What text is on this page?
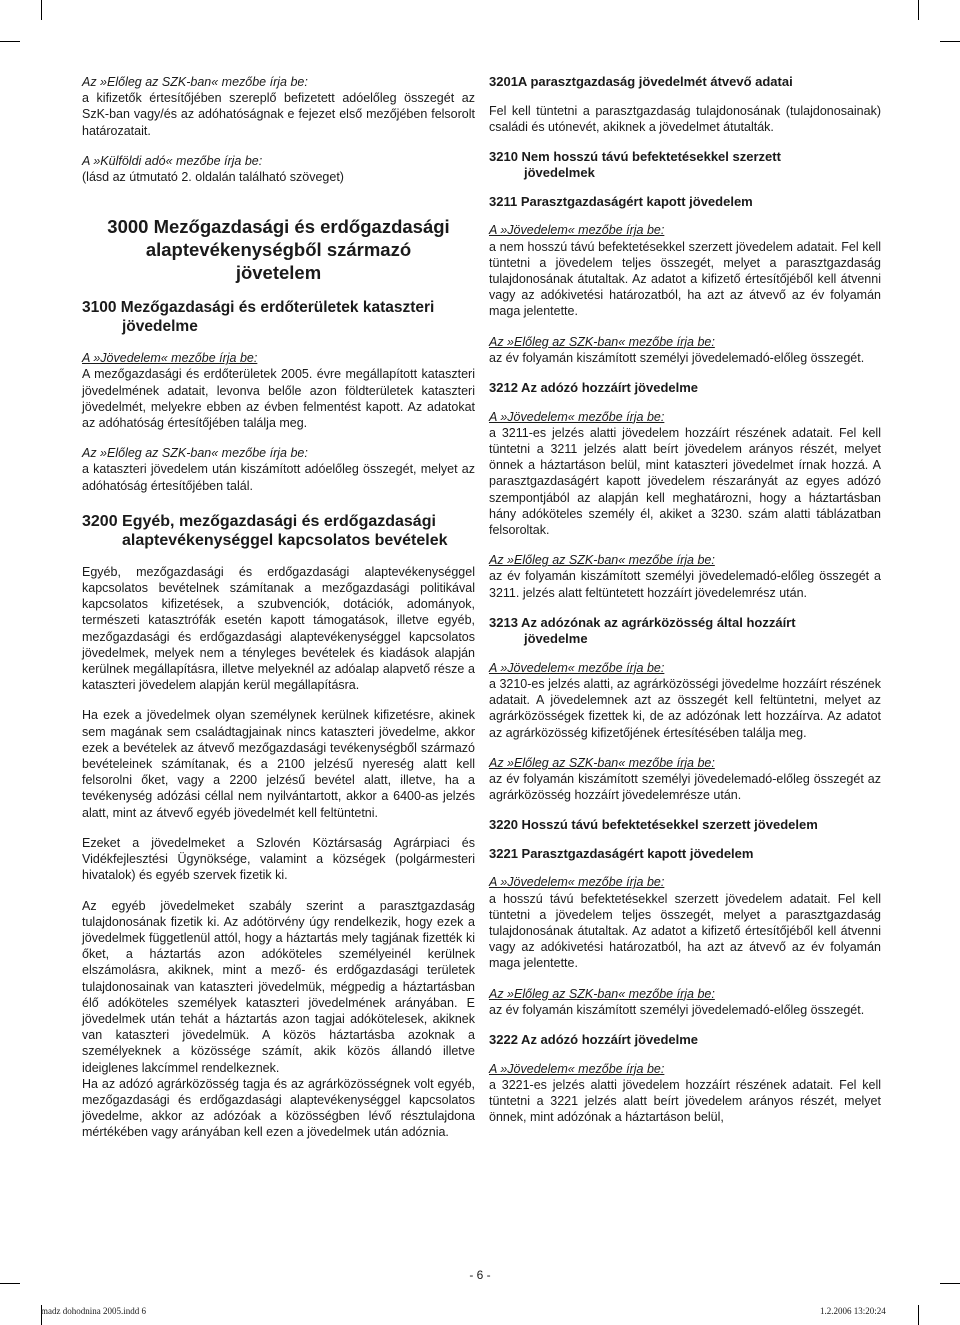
Az »Előleg az SZK-ban« mezőbe írja be:
a kifizetők értesítőjében szereplő befizetett adóelőleg összegét az SzK-ban vagy/és az adóhatóságnak e fejezet első mezőjében felsorolt határozatait.

A »Külföldi adó« mezőbe írja be:
(lásd az útmutató 2. oldalán található szöveget)

3000 Mezőgazdasági és erdőgazdasági
alaptevékenységből származó
jövetelem
3100 Mezőgazdasági és erdőterületek kataszteri
jövedelme

A »Jövedelem« mezőbe írja be:
A mezőgazdasági és erdőterületek 2005. évre megállapított kataszteri jövedelmének adatait, levonva belőle azon földterületek kataszteri jövedelmét, melyekre ebben az évben felmentést kapott. Az adatokat az adóhatóság értesítőjében találja meg.

Az »Előleg az SZK-ban« mezőbe írja be:
a kataszteri jövedelem után kiszámított adóelőleg összegét, melyet az adóhatóság értesítőjében talál.

3200 Egyéb, mezőgazdasági és erdőgazdasági
alaptevékenységgel kapcsolatos bevételek

Egyéb, mezőgazdasági és erdőgazdasági alaptevékenységgel kapcsolatos bevételnek számítanak a mezőgazdasági politikával kapcsolatos kifizetések, a szubvenciók, dotációk, adományok, természeti katasztrófák esetén kapott támogatások, illetve egyéb, mezőgazdasági és erdőgazdasági alaptevékenységgel kapcsolatos jövedelmek, melyek nem a tényleges bevételek és kiadások alapján kerülnek megállapításra, illetve melyeknél az adóalap alapvető része a kataszteri jövedelem alapján kerül megállapításra.

Ha ezek a jövedelmek olyan személynek kerülnek kifizetésre, akinek sem magának sem családtagjainak nincs kataszteri jövedelme, akkor ezek a bevételek az átvevő mezőgazdasági tevékenységből származó bevételeinek számítanak, és a 2100 jelzésű nyereség alatt kell felsorolni őket, vagy a 2200 jelzésű bevétel alatt, illetve, ha a tevékenység adózási céllal nem nyilvántartott, akkor a 6400-as jelzés alatt, mint az átvevő egyéb jövedelmét kell feltüntetni.

Ezeket a jövedelmeket a Szlovén Köztársaság Agrárpiaci és Vidékfejlesztési Ügynöksége, valamint a községek (polgármesteri hivatalok) és egyéb szervek fizetik ki.

Az egyéb jövedelmeket szabály szerint a parasztgazdaság tulajdonosának fizetik ki. Az adótörvény úgy rendelkezik, hogy ezek a jövedelmek függetlenül attól, hogy a háztartás mely tagjának fizették ki őket, a háztartás azon adóköteles személyeinél kerülnek elszámolásra, akiknek, mint a mező- és erdőgazdasági területek tulajdonosainak van kataszteri jövedelmük, mégpedig a háztartásban élő adóköteles személyek kataszteri jövedelmének arányában. E jövedelmek után tehát a háztartás azon tagjai adókötelesek, akiknek van kataszteri jövedelmük. A közös háztartásba azoknak a személyeknek a közössége számít, akik közös állandó illetve ideiglenes lakcímmel rendelkeznek.

Ha az adózó agrárközösség tagja és az agrárközösségnek volt egyéb, mezőgazdasági és erdőgazdasági alaptevékenységgel kapcsolatos jövedelme, akkor az adózóak a közösségben lévő résztulajdona mértékében vagy arányában kell ezen a jövedelmek után adóznia.

3201A parasztgazdaság jövedelmét átvevő adatai

Fel kell tüntetni a parasztgazdaság tulajdonosának (tulajdonosainak) családi és utónevét, akiknek a jövedelmet átutalták.

3210 Nem hosszú távú befektetésekkel szerzett
jövedelmek
3211 Parasztgazdaságért kapott jövedelem

A »Jövedelem« mezőbe írja be:
a nem hosszú távú befektetésekkel szerzett jövedelem adatait. Fel kell tüntetni a jövedelem teljes összegét, melyet a parasztgazdaság tulajdonosának átutaltak. Az adatot a kifizető értesítőjéből kell átvenni vagy az adókivetési határozatból, ha azt az átvevő az év folyamán maga jelentette.

Az »Előleg az SZK-ban« mezőbe írja be:
az év folyamán kiszámított személyi jövedelemadó-előleg összegét.

3212 Az adózó hozzáírt jövedelme

A »Jövedelem« mezőbe írja be:
a 3211-es jelzés alatti jövedelem hozzáírt részének adatait. Fel kell tüntetni a 3211 jelzés alatt beírt jövedelem arányos részét, melyet önnek a háztartáson belül, mint kataszteri jövedelmet írnak hozzá. A parasztgazdaságért kapott jövedelem részarányát az egyes adózó szempontjából az alapján kell meghatározni, hogy a háztartásban hány adóköteles személy él, akiket a 3230. szám alatti táblázatban felsoroltak.

Az »Előleg az SZK-ban« mezőbe írja be:
az év folyamán kiszámított személyi jövedelemadó-előleg összegét a 3211. jelzés alatt feltüntetett hozzáírt jövedelemrész után.

3213 Az adózónak az agrárközösség által hozzáírt
jövedelme

A »Jövedelem« mezőbe írja be:
a 3210-es jelzés alatti, az agrárközösségi jövedelme hozzáírt részének adatait. A jövedelemnek azt az összegét kell feltüntetni, melyet az agrárközösségek fizettek ki, de az adózónak lett hozzáírva. Az adatot az agrárközösség kifizetőjének értesítésében találja meg.

Az »Előleg az SZK-ban« mezőbe írja be:
az év folyamán kiszámított személyi jövedelemadó-előleg összegét az agrárközösség hozzáírt jövedelemrésze után.

3220 Hosszú távú befektetésekkel szerzett jövedelem
3221 Parasztgazdaságért kapott jövedelem

A »Jövedelem« mezőbe írja be:
a hosszú távú befektetésekkel szerzett jövedelem adatait. Fel kell tüntetni a jövedelem teljes összegét, melyet a parasztgazdaság tulajdonosának átutaltak. Az adatot a kifizető értesítőjéből kell átvenni vagy az adókivetési határozatból, ha azt az átvevő az év folyamán maga jelentette.

Az »Előleg az SZK-ban« mezőbe írja be:
az év folyamán kiszámított személyi jövedelemadó-előleg összegét.

3222 Az adózó hozzáírt jövedelme

A »Jövedelem« mezőbe írja be:
a 3221-es jelzés alatti jövedelem hozzáírt részének adatait. Fel kell tüntetni a 3221 jelzés alatt beírt jövedelem arányos részét, melyet önnek, mint adózónak a háztartáson belül,

- 6 -
madz dohodnina 2005.indd 6	1.2.2006 13:20:24
